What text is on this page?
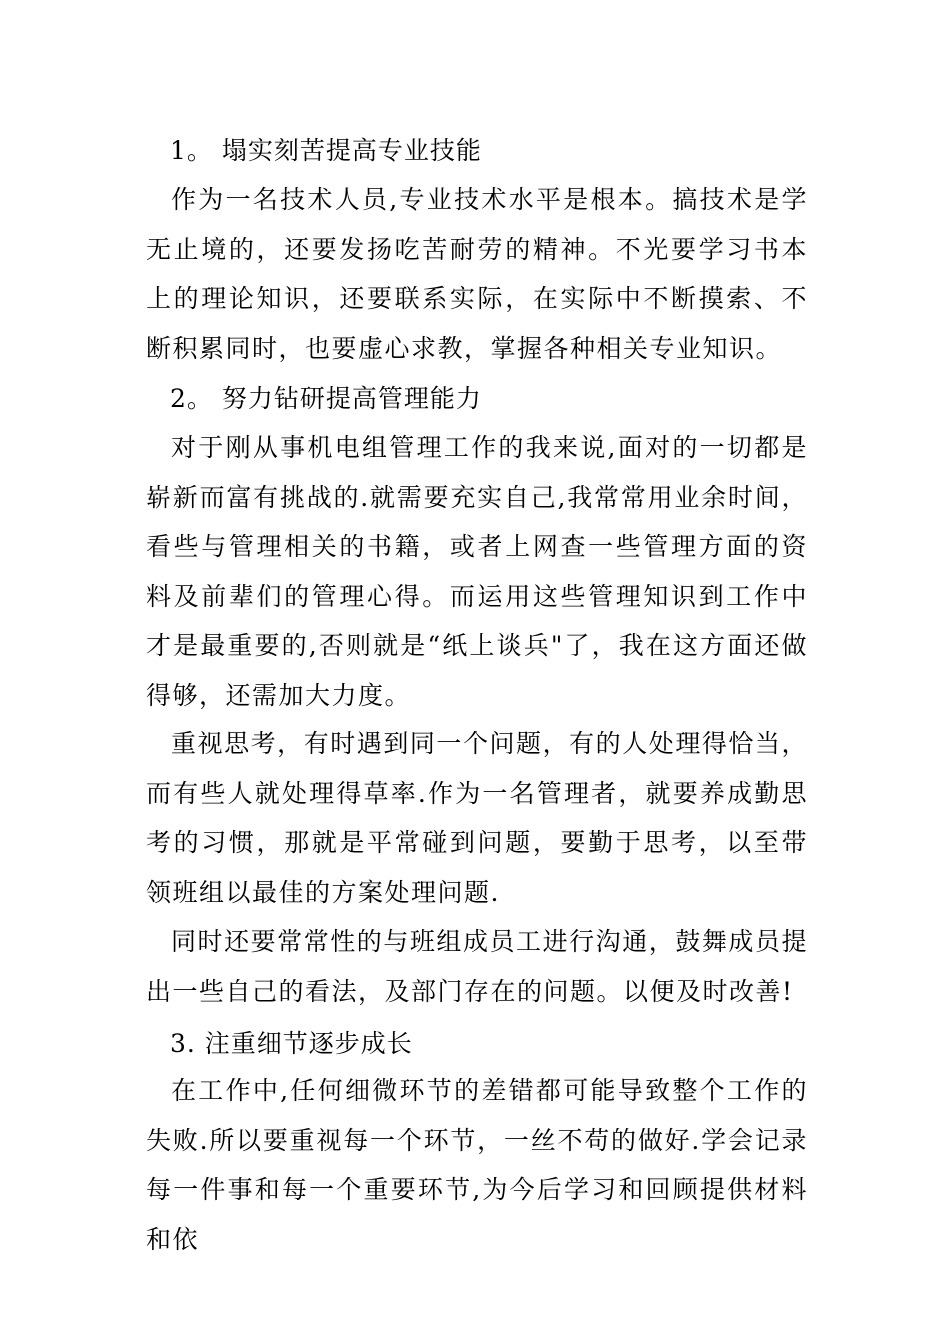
1。 塌实刻苦提高专业技能
作为一名技术人员,专业技术水平是根本。搞技术是学无止境的，还要发扬吃苦耐劳的精神。不光要学习书本上的理论知识，还要联系实际，在实际中不断摸索、不断积累同时，也要虚心求教，掌握各种相关专业知识。
2。 努力钻研提高管理能力
对于刚从事机电组管理工作的我来说,面对的一切都是崭新而富有挑战的.就需要充实自己,我常常用业余时间，看些与管理相关的书籍，或者上网查一些管理方面的资料及前辈们的管理心得。而运用这些管理知识到工作中才是最重要的,否则就是“纸上谈兵"了，我在这方面还做得够，还需加大力度。
重视思考，有时遇到同一个问题，有的人处理得恰当，而有些人就处理得草率.作为一名管理者，就要养成勤思考的习惯，那就是平常碰到问题，要勤于思考，以至带领班组以最佳的方案处理问题.
同时还要常常性的与班组成员工进行沟通，鼓舞成员提出一些自己的看法，及部门存在的问题。以便及时改善!
3. 注重细节逐步成长
在工作中,任何细微环节的差错都可能导致整个工作的失败.所以要重视每一个环节，一丝不苟的做好.学会记录每一件事和每一个重要环节,为今后学习和回顾提供材料和依
